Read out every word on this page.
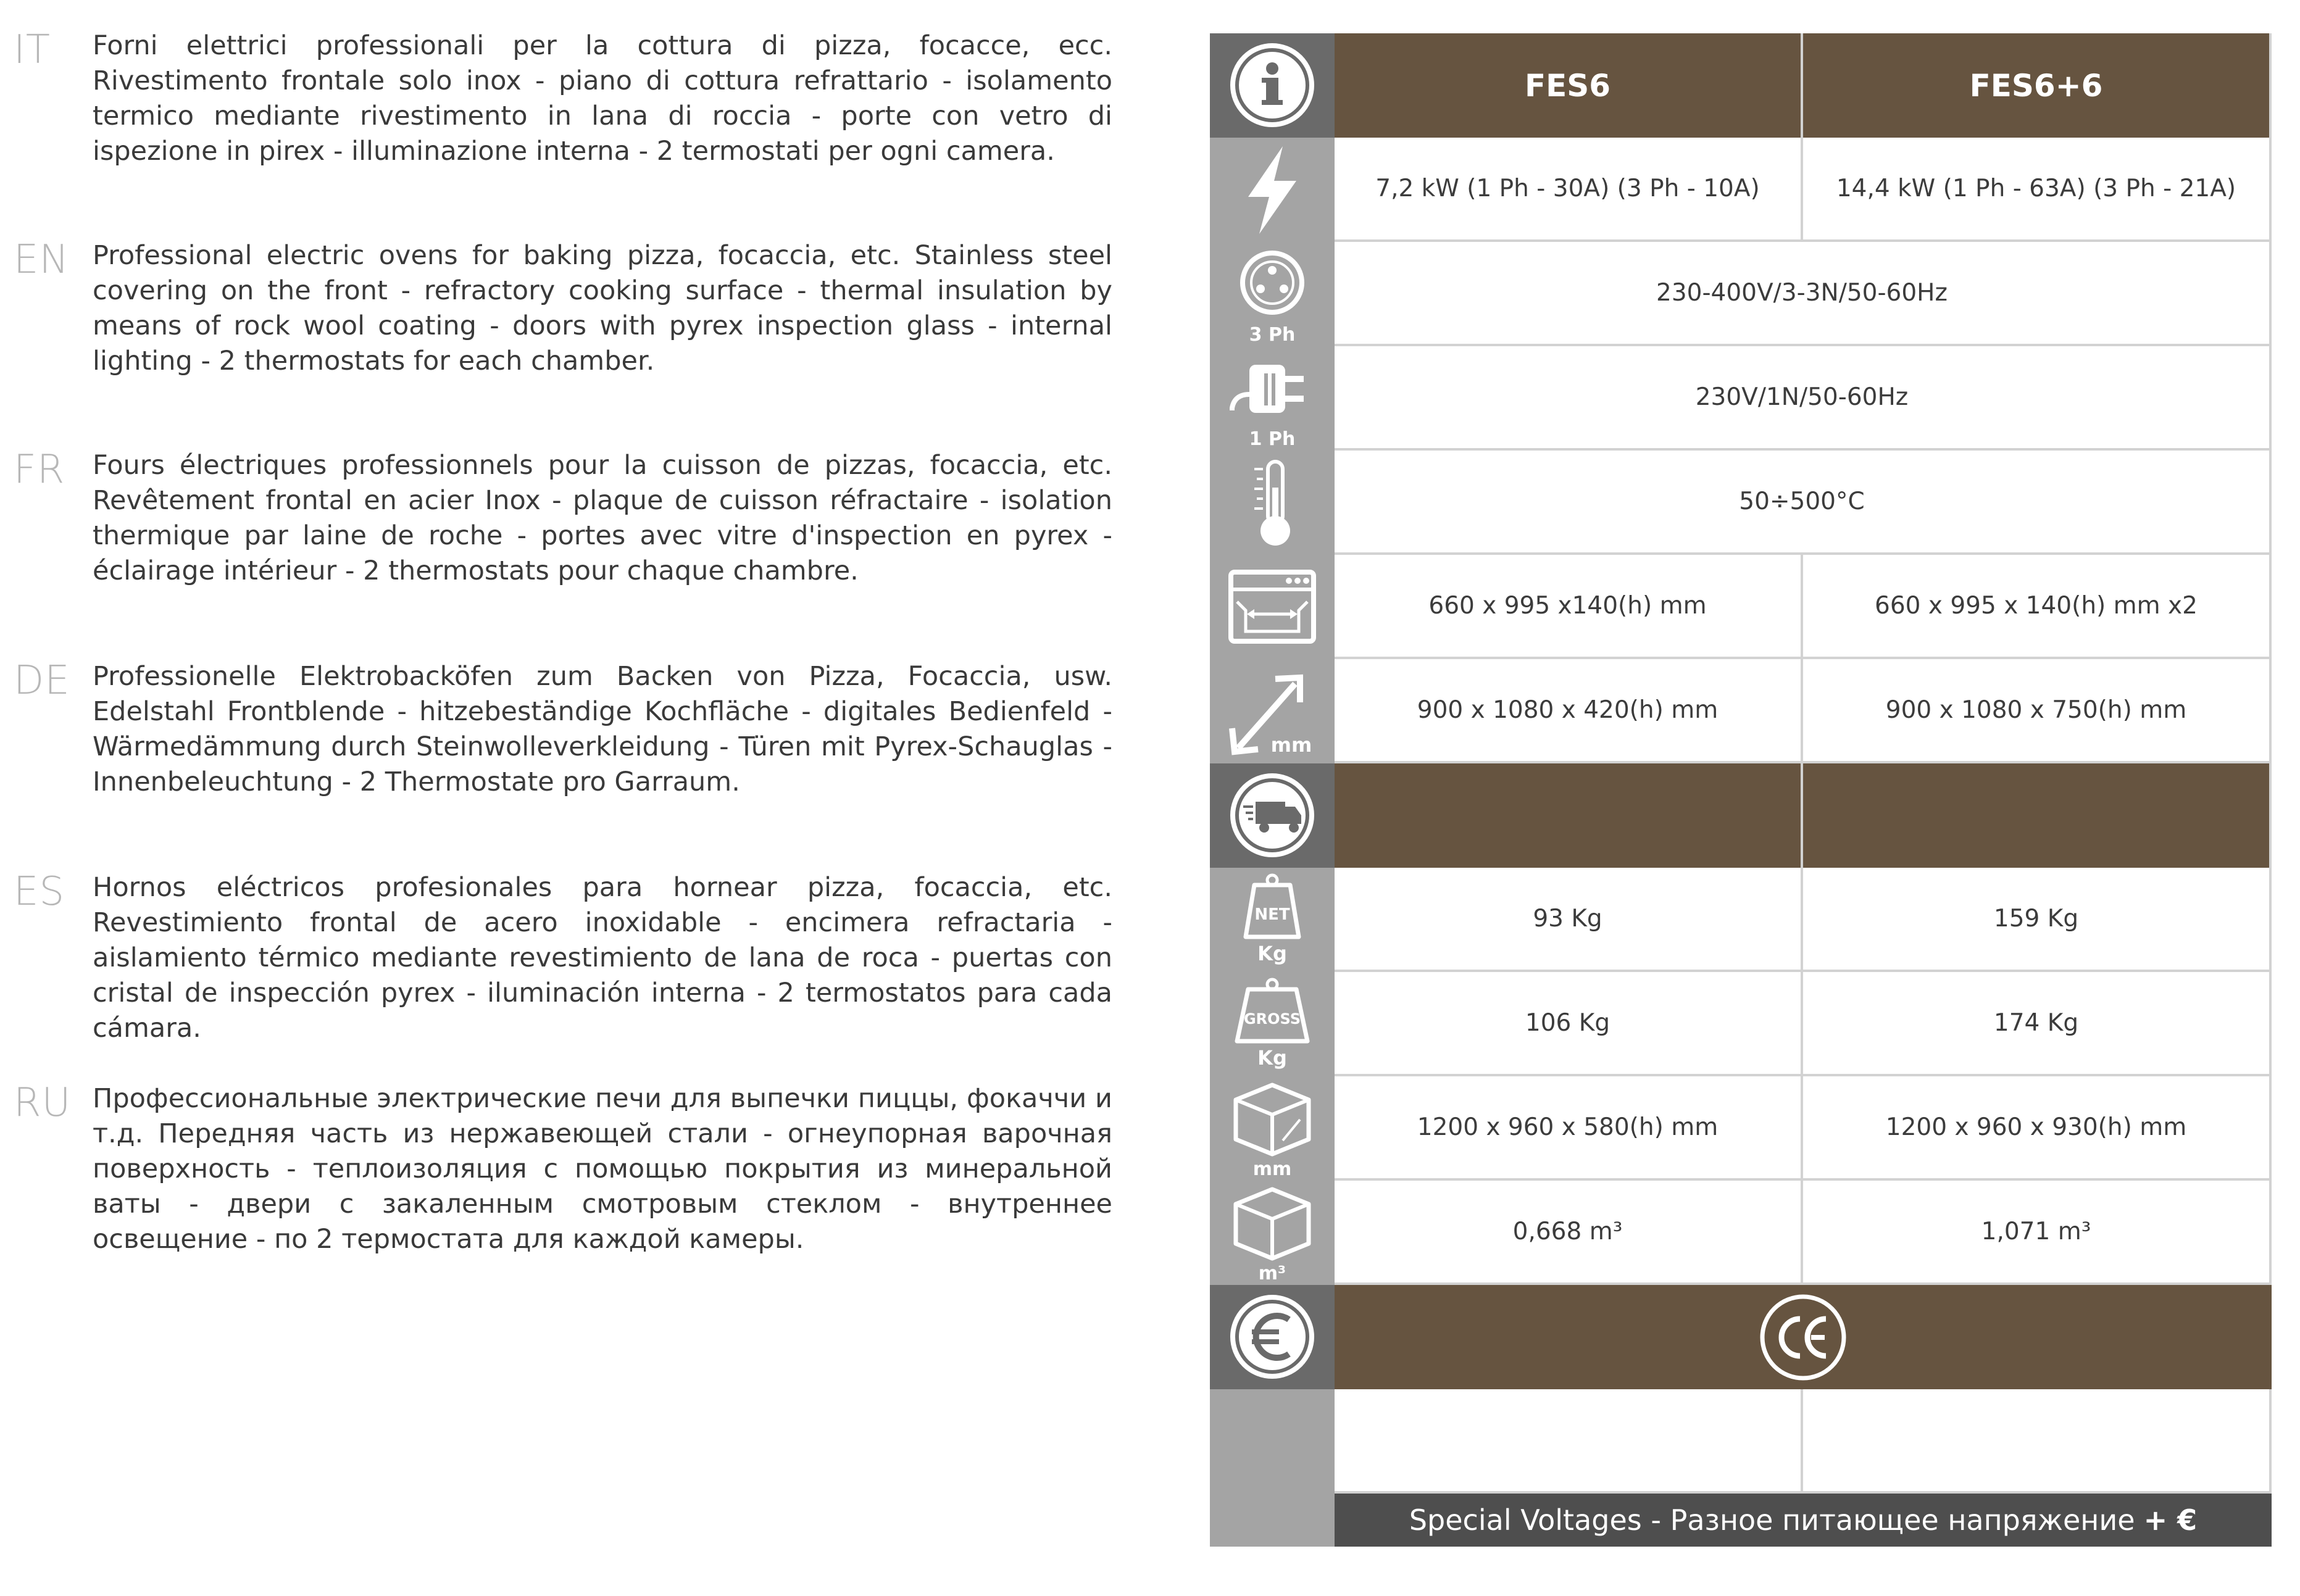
IT Forni elettrici professionali per la cottura di pizza, focacce, ecc. Rivestimento frontale solo inox - piano di cottura refrattario - isolamento termico mediante rivestimento in lana di roccia - porte con vetro di ispezione in pirex - illuminazione interna - 2 termostati per ogni camera.
EN Professional electric ovens for baking pizza, focaccia, etc. Stainless steel covering on the front - refractory cooking surface - thermal insulation by means of rock wool coating - doors with pyrex inspection glass - internal lighting - 2 thermostats for each chamber.
FR Fours électriques professionnels pour la cuisson de pizzas, focaccia, etc. Revêtement frontal en acier Inox - plaque de cuisson réfractaire - isolation thermique par laine de roche - portes avec vitre d'inspection en pyrex - éclairage intérieur - 2 thermostats pour chaque chambre.
DE Professionelle Elektrobacköfen zum Backen von Pizza, Focaccia, usw. Edelstahl Frontblende - hitzebeständige Kochfläche - digitales Bedienfeld - Wärmedämmung durch Steinwolleverkleidung - Türen mit Pyrex-Schauglas - Innenbeleuchtung - 2 Thermostate pro Garraum.
ES Hornos eléctricos profesionales para hornear pizza, focaccia, etc. Revestimiento frontal de acero inoxidable - encimera refractaria - aislamiento térmico mediante revestimiento de lana de roca - puertas con cristal de inspección pyrex - iluminación interna - 2 termostatos para cada cámara.
RU Профессиональные электрические печи для выпечки пиццы, фокаччи и т.д. Передняя часть из нержавеющей стали - огнеупорная варочная поверхность - теплоизоляция с помощью покрытия из минеральной ваты - двери с закаленным смотровым стеклом - внутреннее освещение - по 2 термостата для каждой камеры.
FES6	FES6+6
7,2 kW (1 Ph - 30A) (3 Ph - 10A)	14,4 kW (1 Ph - 63A) (3 Ph - 21A)
3 Ph
230-400V/3-3N/50-60Hz
1 Ph
230V/1N/50-60Hz
50÷500°C
660 x 995 x140(h) mm	660 x 995 x 140(h) mm x2
mm
900 x 1080 x 420(h) mm	900 x 1080 x 750(h) mm
NET
Kg
93 Kg	159 Kg
GROSS
Kg
106 Kg	174 Kg
mm
1200 x 960 x 580(h) mm	1200 x 960 x 930(h) mm
m³
0,668 m³	1,071 m³
Special Voltages - Разное питающее напряжение + €
